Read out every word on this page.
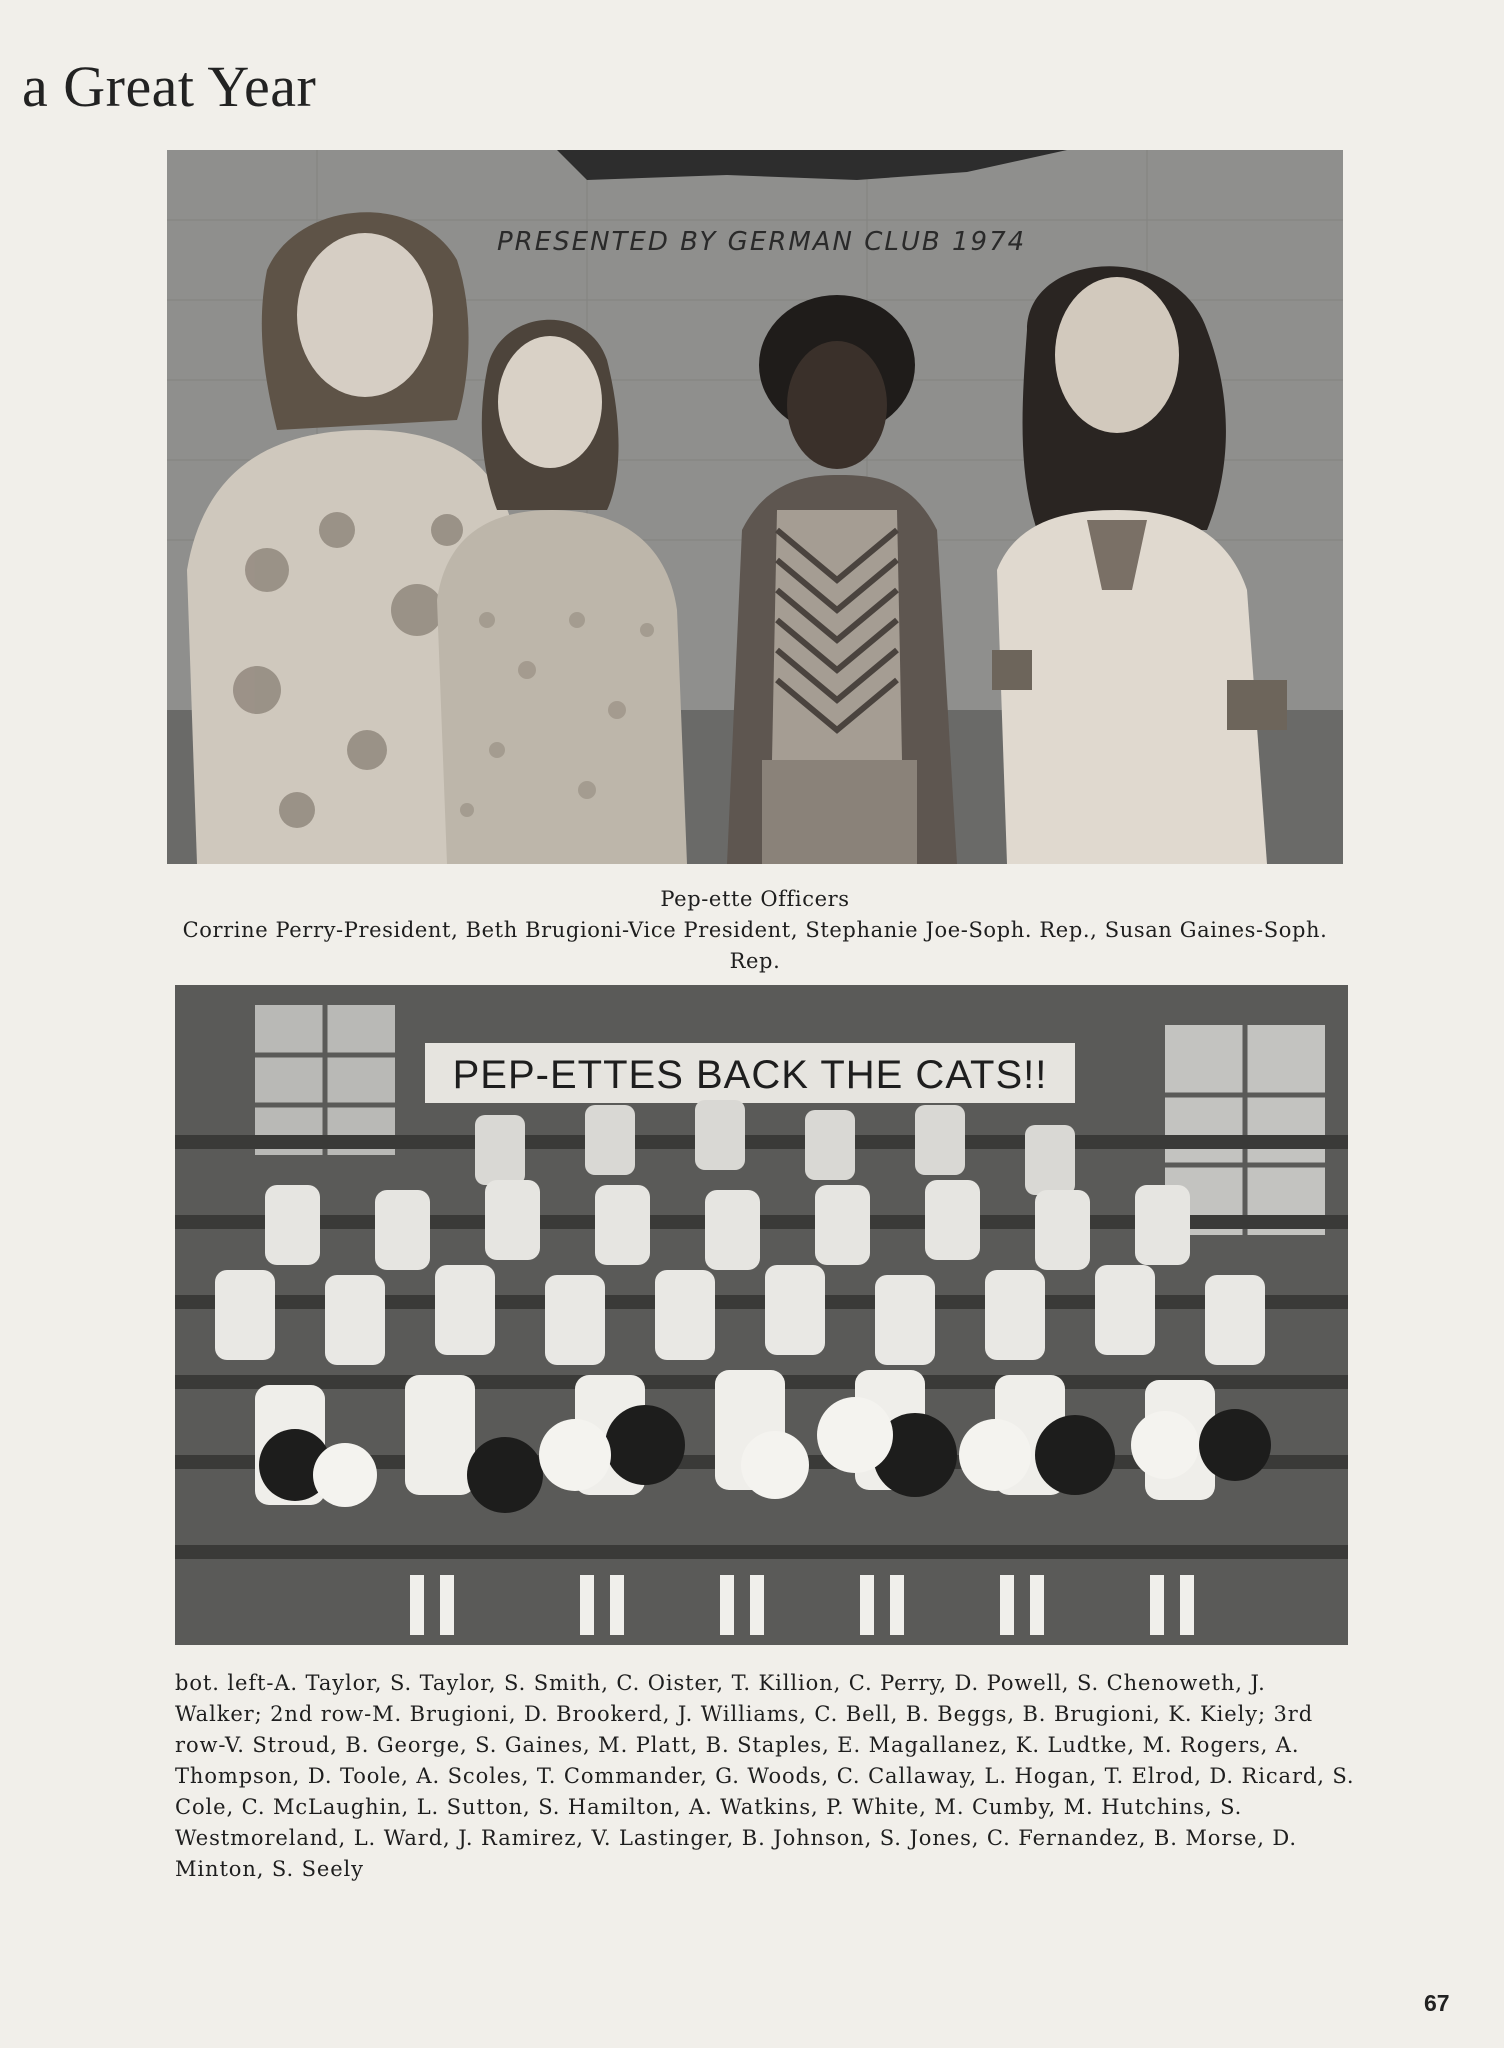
a Great Year
PRESENTED BY GERMAN CLUB 1974
Pep-ette Officers
Corrine Perry-President, Beth Brugioni-Vice President, Stephanie Joe-Soph. Rep., Susan Gaines-Soph. Rep.
PEP-ETTES BACK THE CATS!!
bot. left-A. Taylor, S. Taylor, S. Smith, C. Oister, T. Killion, C. Perry, D. Powell, S. Chenoweth, J. Walker; 2nd row-M. Brugioni, D. Brookerd, J. Williams, C. Bell, B. Beggs, B. Brugioni, K. Kiely; 3rd row-V. Stroud, B. George, S. Gaines, M. Platt, B. Staples, E. Magallanez, K. Ludtke, M. Rogers, A. Thompson, D. Toole, A. Scoles, T. Commander, G. Woods, C. Callaway, L. Hogan, T. Elrod, D. Ricard, S. Cole, C. McLaughin, L. Sutton, S. Hamilton, A. Watkins, P. White, M. Cumby, M. Hutchins, S. Westmoreland, L. Ward, J. Ramirez, V. Lastinger, B. Johnson, S. Jones, C. Fernandez, B. Morse, D. Minton, S. Seely
67
